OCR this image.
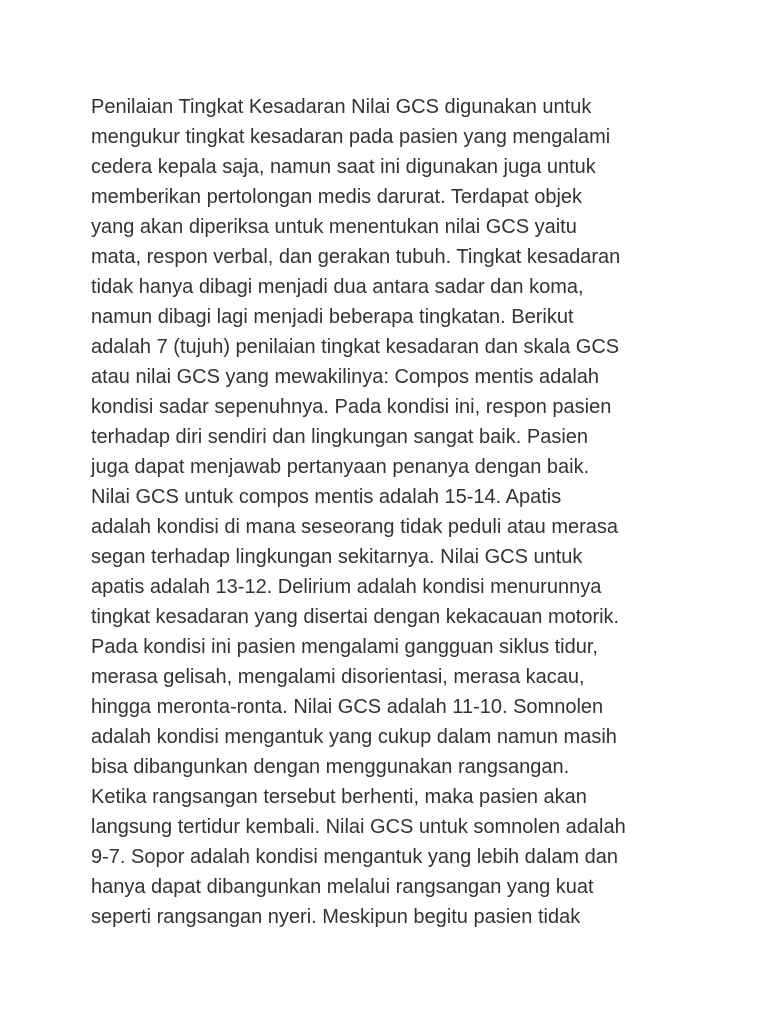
Penilaian Tingkat Kesadaran Nilai GCS digunakan untuk
mengukur tingkat kesadaran pada pasien yang mengalami
cedera kepala saja, namun saat ini digunakan juga untuk
memberikan pertolongan medis darurat. Terdapat objek
yang akan diperiksa untuk menentukan nilai GCS yaitu
mata, respon verbal, dan gerakan tubuh. Tingkat kesadaran
tidak hanya dibagi menjadi dua antara sadar dan koma,
namun dibagi lagi menjadi beberapa tingkatan. Berikut
adalah 7 (tujuh) penilaian tingkat kesadaran dan skala GCS
atau nilai GCS yang mewakilinya: Compos mentis adalah
kondisi sadar sepenuhnya. Pada kondisi ini, respon pasien
terhadap diri sendiri dan lingkungan sangat baik. Pasien
juga dapat menjawab pertanyaan penanya dengan baik.
Nilai GCS untuk compos mentis adalah 15-14. Apatis
adalah kondisi di mana seseorang tidak peduli atau merasa
segan terhadap lingkungan sekitarnya. Nilai GCS untuk
apatis adalah 13-12. Delirium adalah kondisi menurunnya
tingkat kesadaran yang disertai dengan kekacauan motorik.
Pada kondisi ini pasien mengalami gangguan siklus tidur,
merasa gelisah, mengalami disorientasi, merasa kacau,
hingga meronta-ronta. Nilai GCS adalah 11-10. Somnolen
adalah kondisi mengantuk yang cukup dalam namun masih
bisa dibangunkan dengan menggunakan rangsangan.
Ketika rangsangan tersebut berhenti, maka pasien akan
langsung tertidur kembali. Nilai GCS untuk somnolen adalah
9-7. Sopor adalah kondisi mengantuk yang lebih dalam dan
hanya dapat dibangunkan melalui rangsangan yang kuat
seperti rangsangan nyeri. Meskipun begitu pasien tidak
